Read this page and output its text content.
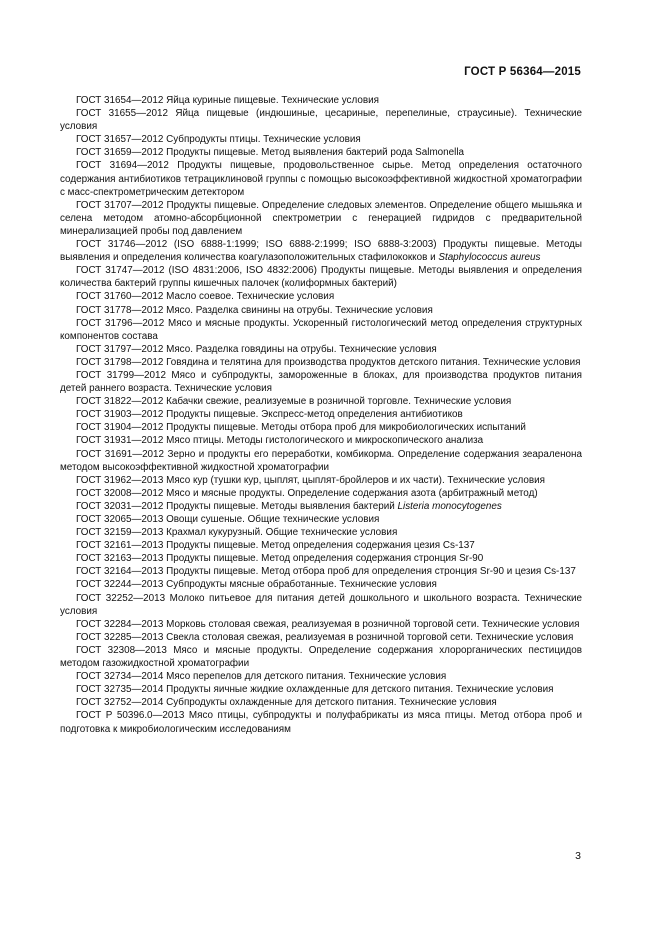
ГОСТ Р 56364—2015

ГОСТ 31654—2012 Яйца куриные пищевые. Технические условия

ГОСТ 31655—2012 Яйца пищевые (индюшиные, цесариные, перепелиные, страусиные). Технические условия

ГОСТ 31657—2012 Субпродукты птицы. Технические условия

ГОСТ 31659—2012 Продукты пищевые. Метод выявления бактерий рода Salmonella

ГОСТ 31694—2012 Продукты пищевые, продовольственное сырье. Метод определения остаточного содержания антибиотиков тетрациклиновой группы с помощью высокоэффективной жидкостной хроматографии с масс-спектрометрическим детектором

ГОСТ 31707—2012 Продукты пищевые. Определение следовых элементов. Определение общего мышьяка и селена методом атомно-абсорбционной спектрометрии с генерацией гидридов с предварительной минерализацией пробы под давлением

ГОСТ 31746—2012 (ISO 6888-1:1999; ISO 6888-2:1999; ISO 6888-3:2003) Продукты пищевые. Методы выявления и определения количества коагулазоположительных стафилококков и Staphylococcus aureus

ГОСТ 31747—2012 (ISO 4831:2006, ISO 4832:2006) Продукты пищевые. Методы выявления и определения количества бактерий группы кишечных палочек (колиформных бактерий)

ГОСТ 31760—2012 Масло соевое. Технические условия

ГОСТ 31778—2012 Мясо. Разделка свинины на отрубы. Технические условия

ГОСТ 31796—2012 Мясо и мясные продукты. Ускоренный гистологический метод определения структурных компонентов состава

ГОСТ 31797—2012 Мясо. Разделка говядины на отрубы. Технические условия

ГОСТ 31798—2012 Говядина и телятина для производства продуктов детского питания. Технические условия

ГОСТ 31799—2012 Мясо и субпродукты, замороженные в блоках, для производства продуктов питания детей раннего возраста. Технические условия

ГОСТ 31822—2012 Кабачки свежие, реализуемые в розничной торговле. Технические условия

ГОСТ 31903—2012 Продукты пищевые. Экспресс-метод определения антибиотиков

ГОСТ 31904—2012 Продукты пищевые. Методы отбора проб для микробиологических испытаний

ГОСТ 31931—2012 Мясо птицы. Методы гистологического и микроскопического анализа

ГОСТ 31691—2012 Зерно и продукты его переработки, комбикорма. Определение содержания зеараленона методом высокоэффективной жидкостной хроматографии

ГОСТ 31962—2013 Мясо кур (тушки кур, цыплят, цыплят-бройлеров и их части). Технические условия

ГОСТ 32008—2012 Мясо и мясные продукты. Определение содержания азота (арбитражный метод)

ГОСТ 32031—2012 Продукты пищевые. Методы выявления бактерий Listeria monocytogenes

ГОСТ 32065—2013 Овощи сушеные. Общие технические условия

ГОСТ 32159—2013 Крахмал кукурузный. Общие технические условия

ГОСТ 32161—2013 Продукты пищевые. Метод определения содержания цезия Cs-137

ГОСТ 32163—2013 Продукты пищевые. Метод определения содержания стронция Sr-90

ГОСТ 32164—2013 Продукты пищевые. Метод отбора проб для определения стронция Sr-90 и цезия Cs-137

ГОСТ 32244—2013 Субпродукты мясные обработанные. Технические условия

ГОСТ 32252—2013 Молоко питьевое для питания детей дошкольного и школьного возраста. Технические условия

ГОСТ 32284—2013 Морковь столовая свежая, реализуемая в розничной торговой сети. Технические условия

ГОСТ 32285—2013 Свекла столовая свежая, реализуемая в розничной торговой сети. Технические условия

ГОСТ 32308—2013 Мясо и мясные продукты. Определение содержания хлорорганических пестицидов методом газожидкостной хроматографии

ГОСТ 32734—2014 Мясо перепелов для детского питания. Технические условия

ГОСТ 32735—2014 Продукты яичные жидкие охлажденные для детского питания. Технические условия

ГОСТ 32752—2014 Субпродукты охлажденные для детского питания. Технические условия

ГОСТ Р 50396.0—2013 Мясо птицы, субпродукты и полуфабрикаты из мяса птицы. Метод отбора проб и подготовка к микробиологическим исследованиям

3
